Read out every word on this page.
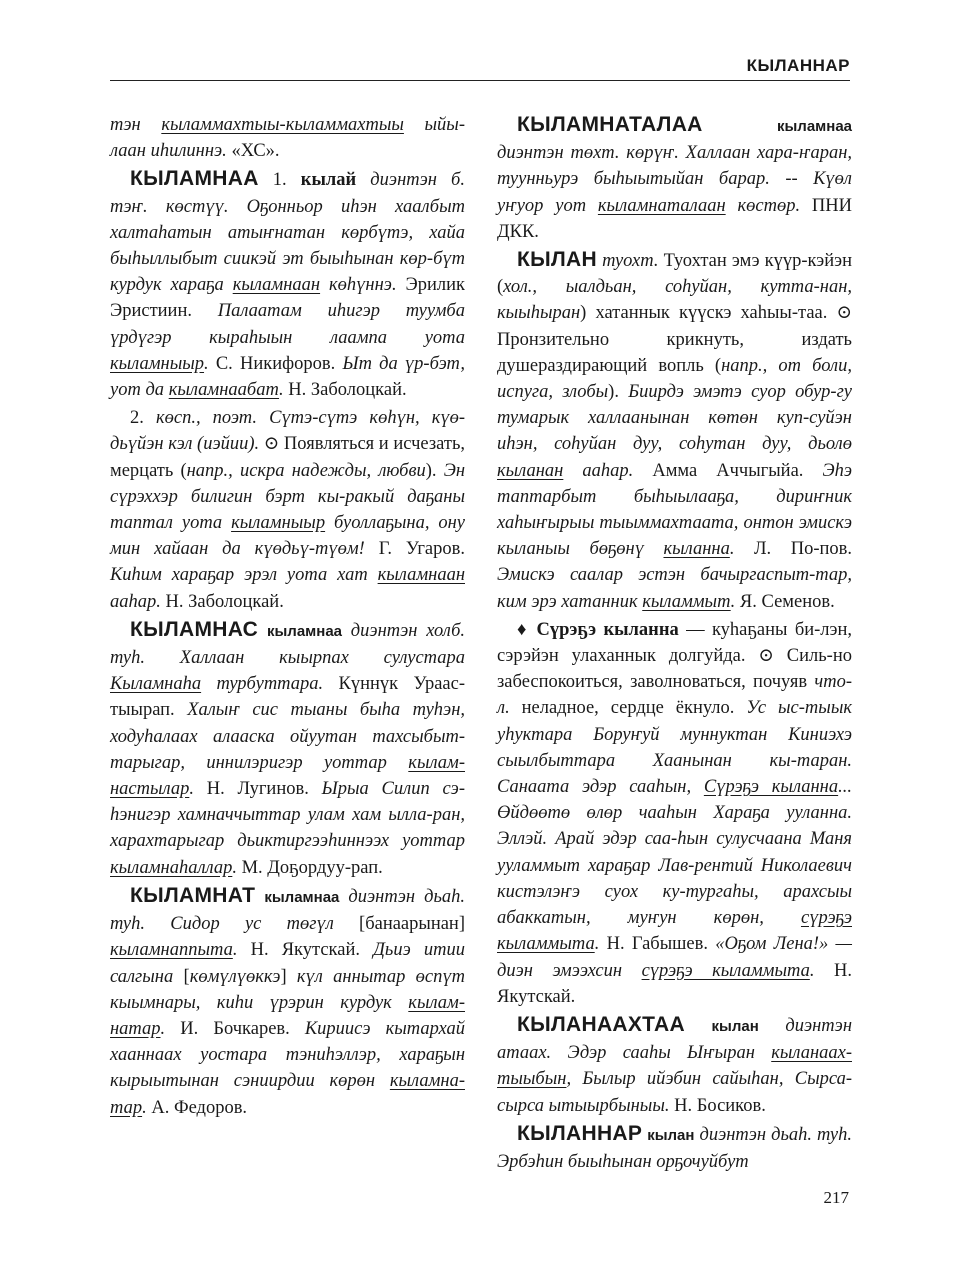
КЫЛАННАР

тэн кыламмахтыы-кыламмахтыы ыйы-лаан иhилиннэ. «ХС».

КЫЛАМНАА 1. кылай диэнтэн б. тэҥ. көстүү. Оҕонньор иhэн хаалбыт халтаhатын атыҥнатан көрбүтэ, хайа быhыллыбыт сиикэй эт быыhынан көр-бүт курдук хараҕа кыламнаан көhүннэ. Эрилик Эристиин. Палаатам иhигэр туумба үрдүгэр кыраhыын лаампа уота кыламныыр. С. Никифоров. Ыт да үр-бэт, уот да кыламнаабат. Н. Заболоцкай.

2. көсп., поэт. Сүтэ-сүтэ көhүн, күө-дьүйэн кэл (иэйии). ⊙ Появляться и исчезать, мерцать (напр., искра надежды, любви). Эн сүрэххэр билигин бэрт кы-ракый даҕаны таптал уота кыламныыр буоллаҕына, ону мин хайаан да күөдьү-түөм! Г. Угаров. Киhим хараҕар эрэл уота хат кыламнаан ааhар. Н. Заболоцкай.

КЫЛАМНАС кыламнаа диэнтэн холб. туh. Халлаан кыырпах сулустара Кыламнаhа турбуттара. Күннүк Ураас-тыырап. Халыҥ сис тыаны быhа туhэн, ходуhалаах алааска ойуутан тахсыбыт-тарыгар, иннилэригэр уоттар кылам-настылар. Н. Лугинов. Ырыа Силип сэ-hэнигэр хамначчыттар улам хам ылла-ран, харахтарыгар дьиктиргээhиннээх уоттар кыламнаhаллар. М. Доҕордуу-рап.

КЫЛАМНАТ кыламнаа диэнтэн дьаh. туh. Сидор ус төгүл [банаарынан] кыламнаппыта. Н. Якутскай. Дьиэ итии салгына [көмүлүөккэ] күл аннытар өспүт кыымнары, киhи үрэрин курдук кылам-натар. И. Бочкарев. Кириисэ кытархай хааннаах уостара тэниhэллэр, хараҕын кырыытынан сэниирдии көрөн кыламна-тар. А. Федоров.

КЫЛАМНАТАЛАА	кыламнаа диэнтэн төхт. көрүҥ. Халлаан хара-ҥаран, туунньурэ быhыытыйан барар. -- Күөл уҥуор уот кыламнаталаан көстөр. ПНИ ДКК.

КЫЛАН туохт. Туохтан эмэ күүр-кэйэн (хол., ыалдьан, соhуйан, кутта-нан, кыыhыран) хатаннык күүскэ хаhыы-таа. ⊙ Пронзительно крикнуть, издать душераздирающий вопль (напр., от боли, испуга, злобы). Биирдэ эмэтэ суор обур-гу тумарык халлаанынан көтөн куп-суйэн иhэн, соhуйан дуу, соhутан дуу, дьолө кыланан ааhар. Амма Аччыгыйа. Эhэ таптарбыт быhыылааҕа, дириҥник хаhыҥырыы тыыммахтаата, онтон эмискэ кыланыы бөҕөнү кыланна. Л. По-пов. Эмискэ саалар эстэн бачыргаспыт-тар, ким эрэ хатанник кыламмыт. Я. Семенов.

♦ Сүрэҕэ кыланна — куhаҕаны би-лэн, сэрэйэн улаханнык долгуйда. ⊙ Силь-но забеспокоиться, заволноваться, почуяв что-л. неладное, сердце ёкнуло. Ус ыс-тыык уhуктара Боруҥуй муннуктан Киниэхэ сыылбыттара Хаанынан кы-таран. Санаата эдэр сааhын, Сүрэҕэ кыланна... Өйдөөтө өлөр чааhын Хараҕа ууланна. Эллэй. Арай эдэр саа-hын сулусчаана Маня ууламмыт хараҕар Лав-рентий Николаевич кистэлэҥэ суох ку-тургаhы, арахсыы абаккатын, муҥун көрөн, сүрэҕэ кыламмыта. Н. Габышев. «Оҕом Лена!» — диэн эмээхсин сүрэҕэ кыламмыта. Н. Якутскай.

КЫЛАНААХТАА кылан диэнтэн атаах. Эдэр сааhы Ыҥыран кыланаах-тыыбын, Былыр ийэбин сайыhан, Сырса-сырса ытыырбыныы. Н. Босиков.

КЫЛАННАР кылан диэнтэн дьаh. туh. Эрбэhин быыhынан орҕочуйбут

217
